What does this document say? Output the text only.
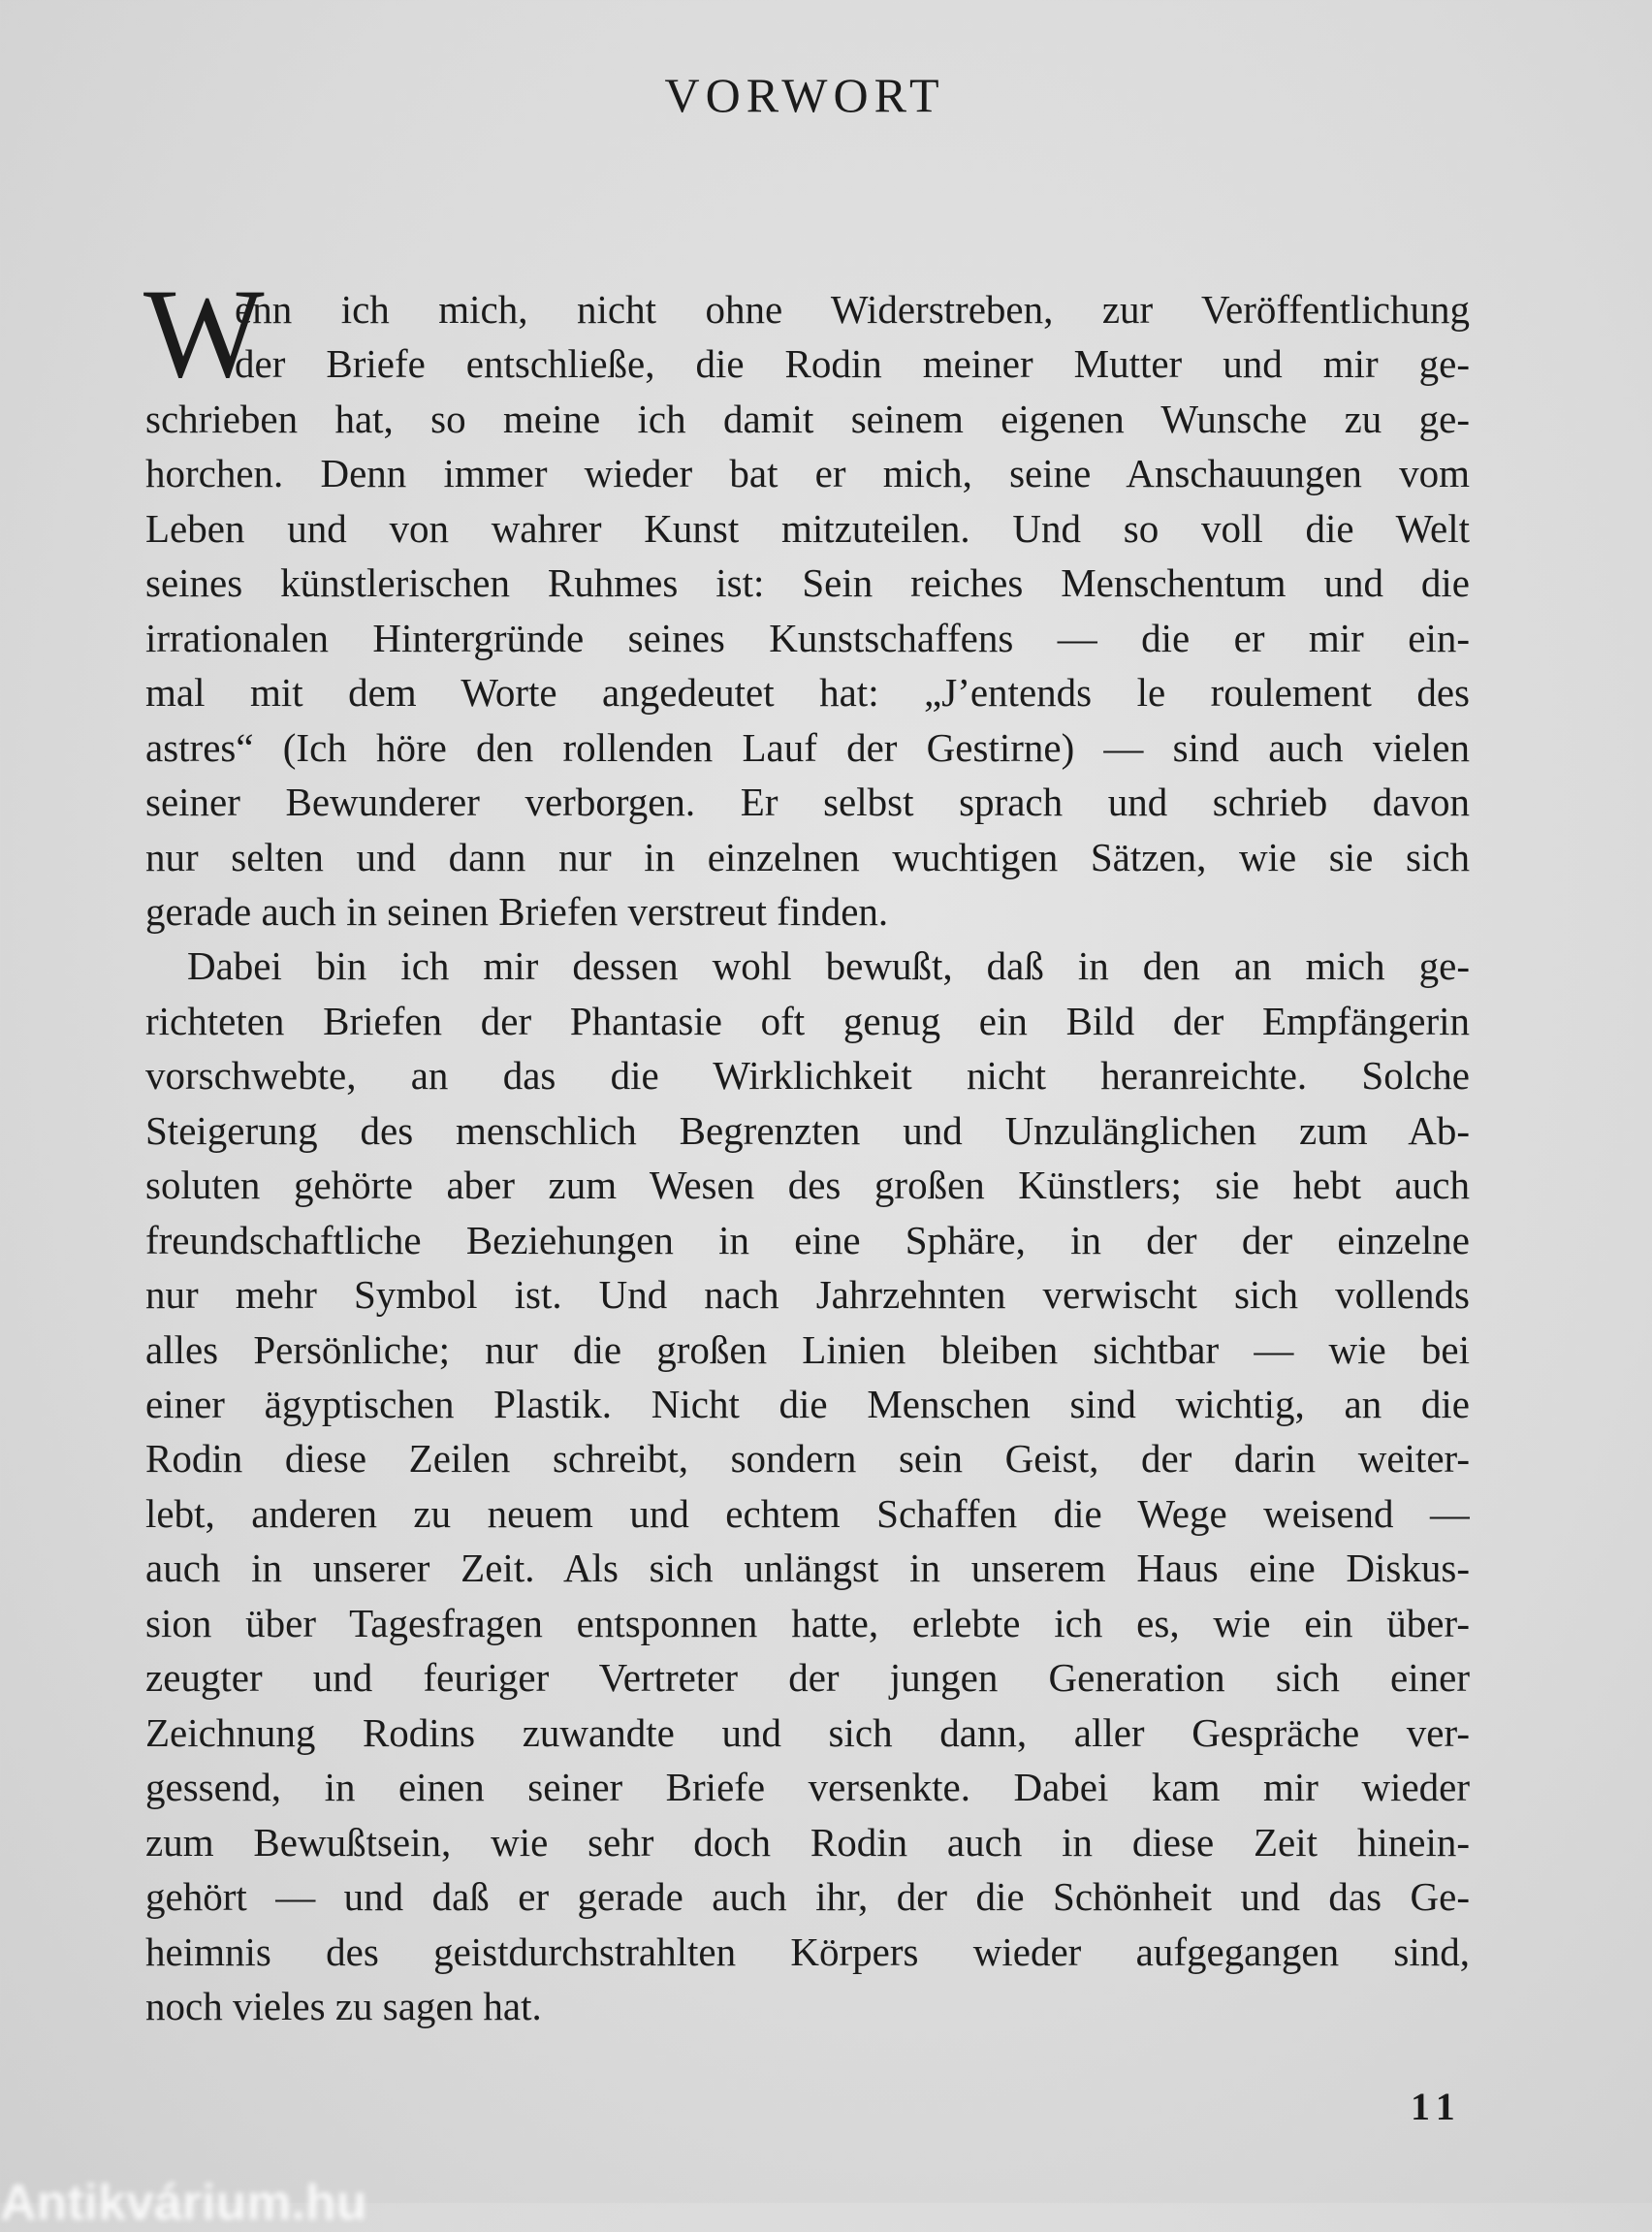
VORWORT
W
enn ich mich, nicht ohne Widerstreben, zur Veröffentlichung
der Briefe entschließe, die Rodin meiner Mutter und mir ge-
schrieben hat, so meine ich damit seinem eigenen Wunsche zu ge-
horchen. Denn immer wieder bat er mich, seine Anschauungen vom
Leben und von wahrer Kunst mitzuteilen. Und so voll die Welt
seines künstlerischen Ruhmes ist: Sein reiches Menschentum und die
irrationalen Hintergründe seines Kunstschaffens — die er mir ein-
mal mit dem Worte angedeutet hat: „J’entends le roulement des
astres“ (Ich höre den rollenden Lauf der Gestirne) — sind auch vielen
seiner Bewunderer verborgen. Er selbst sprach und schrieb davon
nur selten und dann nur in einzelnen wuchtigen Sätzen, wie sie sich
gerade auch in seinen Briefen verstreut finden.
Dabei bin ich mir dessen wohl bewußt, daß in den an mich ge-
richteten Briefen der Phantasie oft genug ein Bild der Empfängerin
vorschwebte, an das die Wirklichkeit nicht heranreichte. Solche
Steigerung des menschlich Begrenzten und Unzulänglichen zum Ab-
soluten gehörte aber zum Wesen des großen Künstlers; sie hebt auch
freundschaftliche Beziehungen in eine Sphäre, in der der einzelne
nur mehr Symbol ist. Und nach Jahrzehnten verwischt sich vollends
alles Persönliche; nur die großen Linien bleiben sichtbar — wie bei
einer ägyptischen Plastik. Nicht die Menschen sind wichtig, an die
Rodin diese Zeilen schreibt, sondern sein Geist, der darin weiter-
lebt, anderen zu neuem und echtem Schaffen die Wege weisend —
auch in unserer Zeit. Als sich unlängst in unserem Haus eine Diskus-
sion über Tagesfragen entsponnen hatte, erlebte ich es, wie ein über-
zeugter und feuriger Vertreter der jungen Generation sich einer
Zeichnung Rodins zuwandte und sich dann, aller Gespräche ver-
gessend, in einen seiner Briefe versenkte. Dabei kam mir wieder
zum Bewußtsein, wie sehr doch Rodin auch in diese Zeit hinein-
gehört — und daß er gerade auch ihr, der die Schönheit und das Ge-
heimnis des geistdurchstrahlten Körpers wieder aufgegangen sind,
noch vieles zu sagen hat.
11
Antikvárium.hu
